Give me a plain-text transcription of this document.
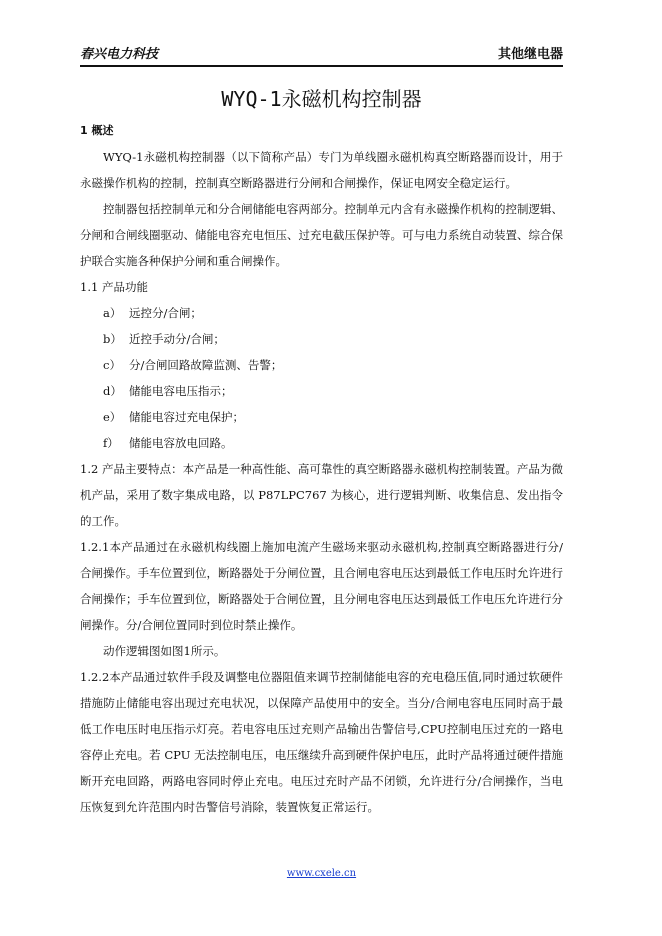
春兴电力科技	其他继电器
WYQ-1永磁机构控制器

1 概述

WYQ-1永磁机构控制器（以下简称产品）专门为单线圈永磁机构真空断路器而设计，用于永磁操作机构的控制，控制真空断路器进行分闸和合闸操作，保证电网安全稳定运行。

控制器包括控制单元和分合闸储能电容两部分。控制单元内含有永磁操作机构的控制逻辑、分闸和合闸线圈驱动、储能电容充电恒压、过充电截压保护等。可与电力系统自动装置、综合保护联合实施各种保护分闸和重合闸操作。

1.1 产品功能

a） 远控分/合闸；

b） 近控手动分/合闸；

c） 分/合闸回路故障监测、告警；

d） 储能电容电压指示；

e） 储能电容过充电保护；

f） 储能电容放电回路。

1.2 产品主要特点：本产品是一种高性能、高可靠性的真空断路器永磁机构控制装置。产品为微机产品，采用了数字集成电路，以 P87LPC767 为核心，进行逻辑判断、收集信息、发出指令的工作。

1.2.1本产品通过在永磁机构线圈上施加电流产生磁场来驱动永磁机构,控制真空断路器进行分/合闸操作。手车位置到位，断路器处于分闸位置，且合闸电容电压达到最低工作电压时允许进行合闸操作；手车位置到位，断路器处于合闸位置，且分闸电容电压达到最低工作电压允许进行分闸操作。分/合闸位置同时到位时禁止操作。

动作逻辑图如图1所示。

1.2.2本产品通过软件手段及调整电位器阻值来调节控制储能电容的充电稳压值,同时通过软硬件措施防止储能电容出现过充电状况，以保障产品使用中的安全。当分/合闸电容电压同时高于最低工作电压时电压指示灯亮。若电容电压过充则产品输出告警信号,CPU控制电压过充的一路电容停止充电。若 CPU 无法控制电压，电压继续升高到硬件保护电压，此时产品将通过硬件措施断开充电回路，两路电容同时停止充电。电压过充时产品不闭锁，允许进行分/合闸操作，当电压恢复到允许范围内时告警信号消除，装置恢复正常运行。

www.cxele.cn
